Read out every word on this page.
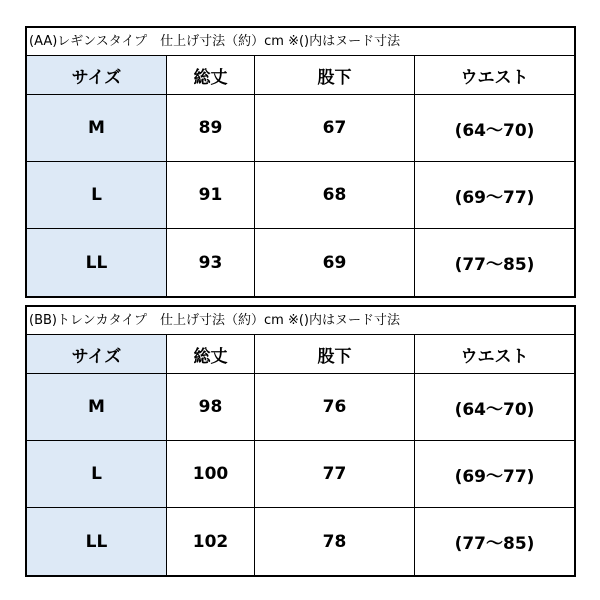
(AA)レギンスタイプ　仕上げ寸法（約）cm ※()内はヌード寸法
サイズ	総丈	股下	ウエスト
M	89	67	(64～70)
L	91	68	(69～77)
LL	93	69	(77～85)
(BB)トレンカタイプ　仕上げ寸法（約）cm ※()内はヌード寸法
サイズ	総丈	股下	ウエスト
M	98	76	(64～70)
L	100	77	(69～77)
LL	102	78	(77～85)
